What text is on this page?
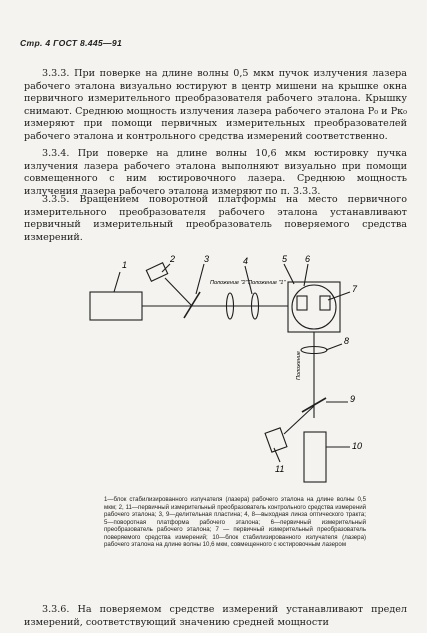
Стр. 4 ГОСТ 8.445—91
3.3.3. При поверке на длине волны 0,5 мкм пучок излучения лазера рабочего эталона визуально юстируют в центр мишени на крышке окна первичного измерительного преобразователя рабочего эталона. Крышку снимают. Среднюю мощность излучения лазера рабочего эталона P₀ и Pк₀ измеряют при помощи первичных измерительных преобразователей рабочего эталона и контрольного средства измерений соответственно.
3.3.4. При поверке на длине волны 10,6 мкм юстировку пучка излучения лазера рабочего эталона выполняют визуально при помощи совмещенного с ним юстировочного лазера. Среднюю мощность излучения лазера рабочего эталона измеряют по п. 3.3.3.
3.3.5. Вращением поворотной платформы на место первичного измерительного преобразователя рабочего эталона устанавливают первичный измерительный преобразователь поверяемого средства измерений.
1
2	3	4	5 6
7
8
9
10
11
Положение "2" Положение "1"
Положение
1—блок стабилизированного излучателя (лазера) рабочего эталона на длине волны 0,5 мкм; 2, 11—первичный измерительный преобразователь контрольного средства измерений рабочего эталона; 3, 9—делительная пластина; 4, 8—выходная линза оптического тракта; 5—поворотная платформа рабочего эталона; 6—первичный измерительный преобразователь рабочего эталона; 7 — первичный измерительный преобразователь поверяемого средства измерений; 10—блок стабилизированного излучателя (лазера) рабочего эталона на длине волны 10,6 мкм, совмещенного с юстировочным лазером
3.3.6. На поверяемом средстве измерений устанавливают предел измерений, соответствующий значению средней мощности
